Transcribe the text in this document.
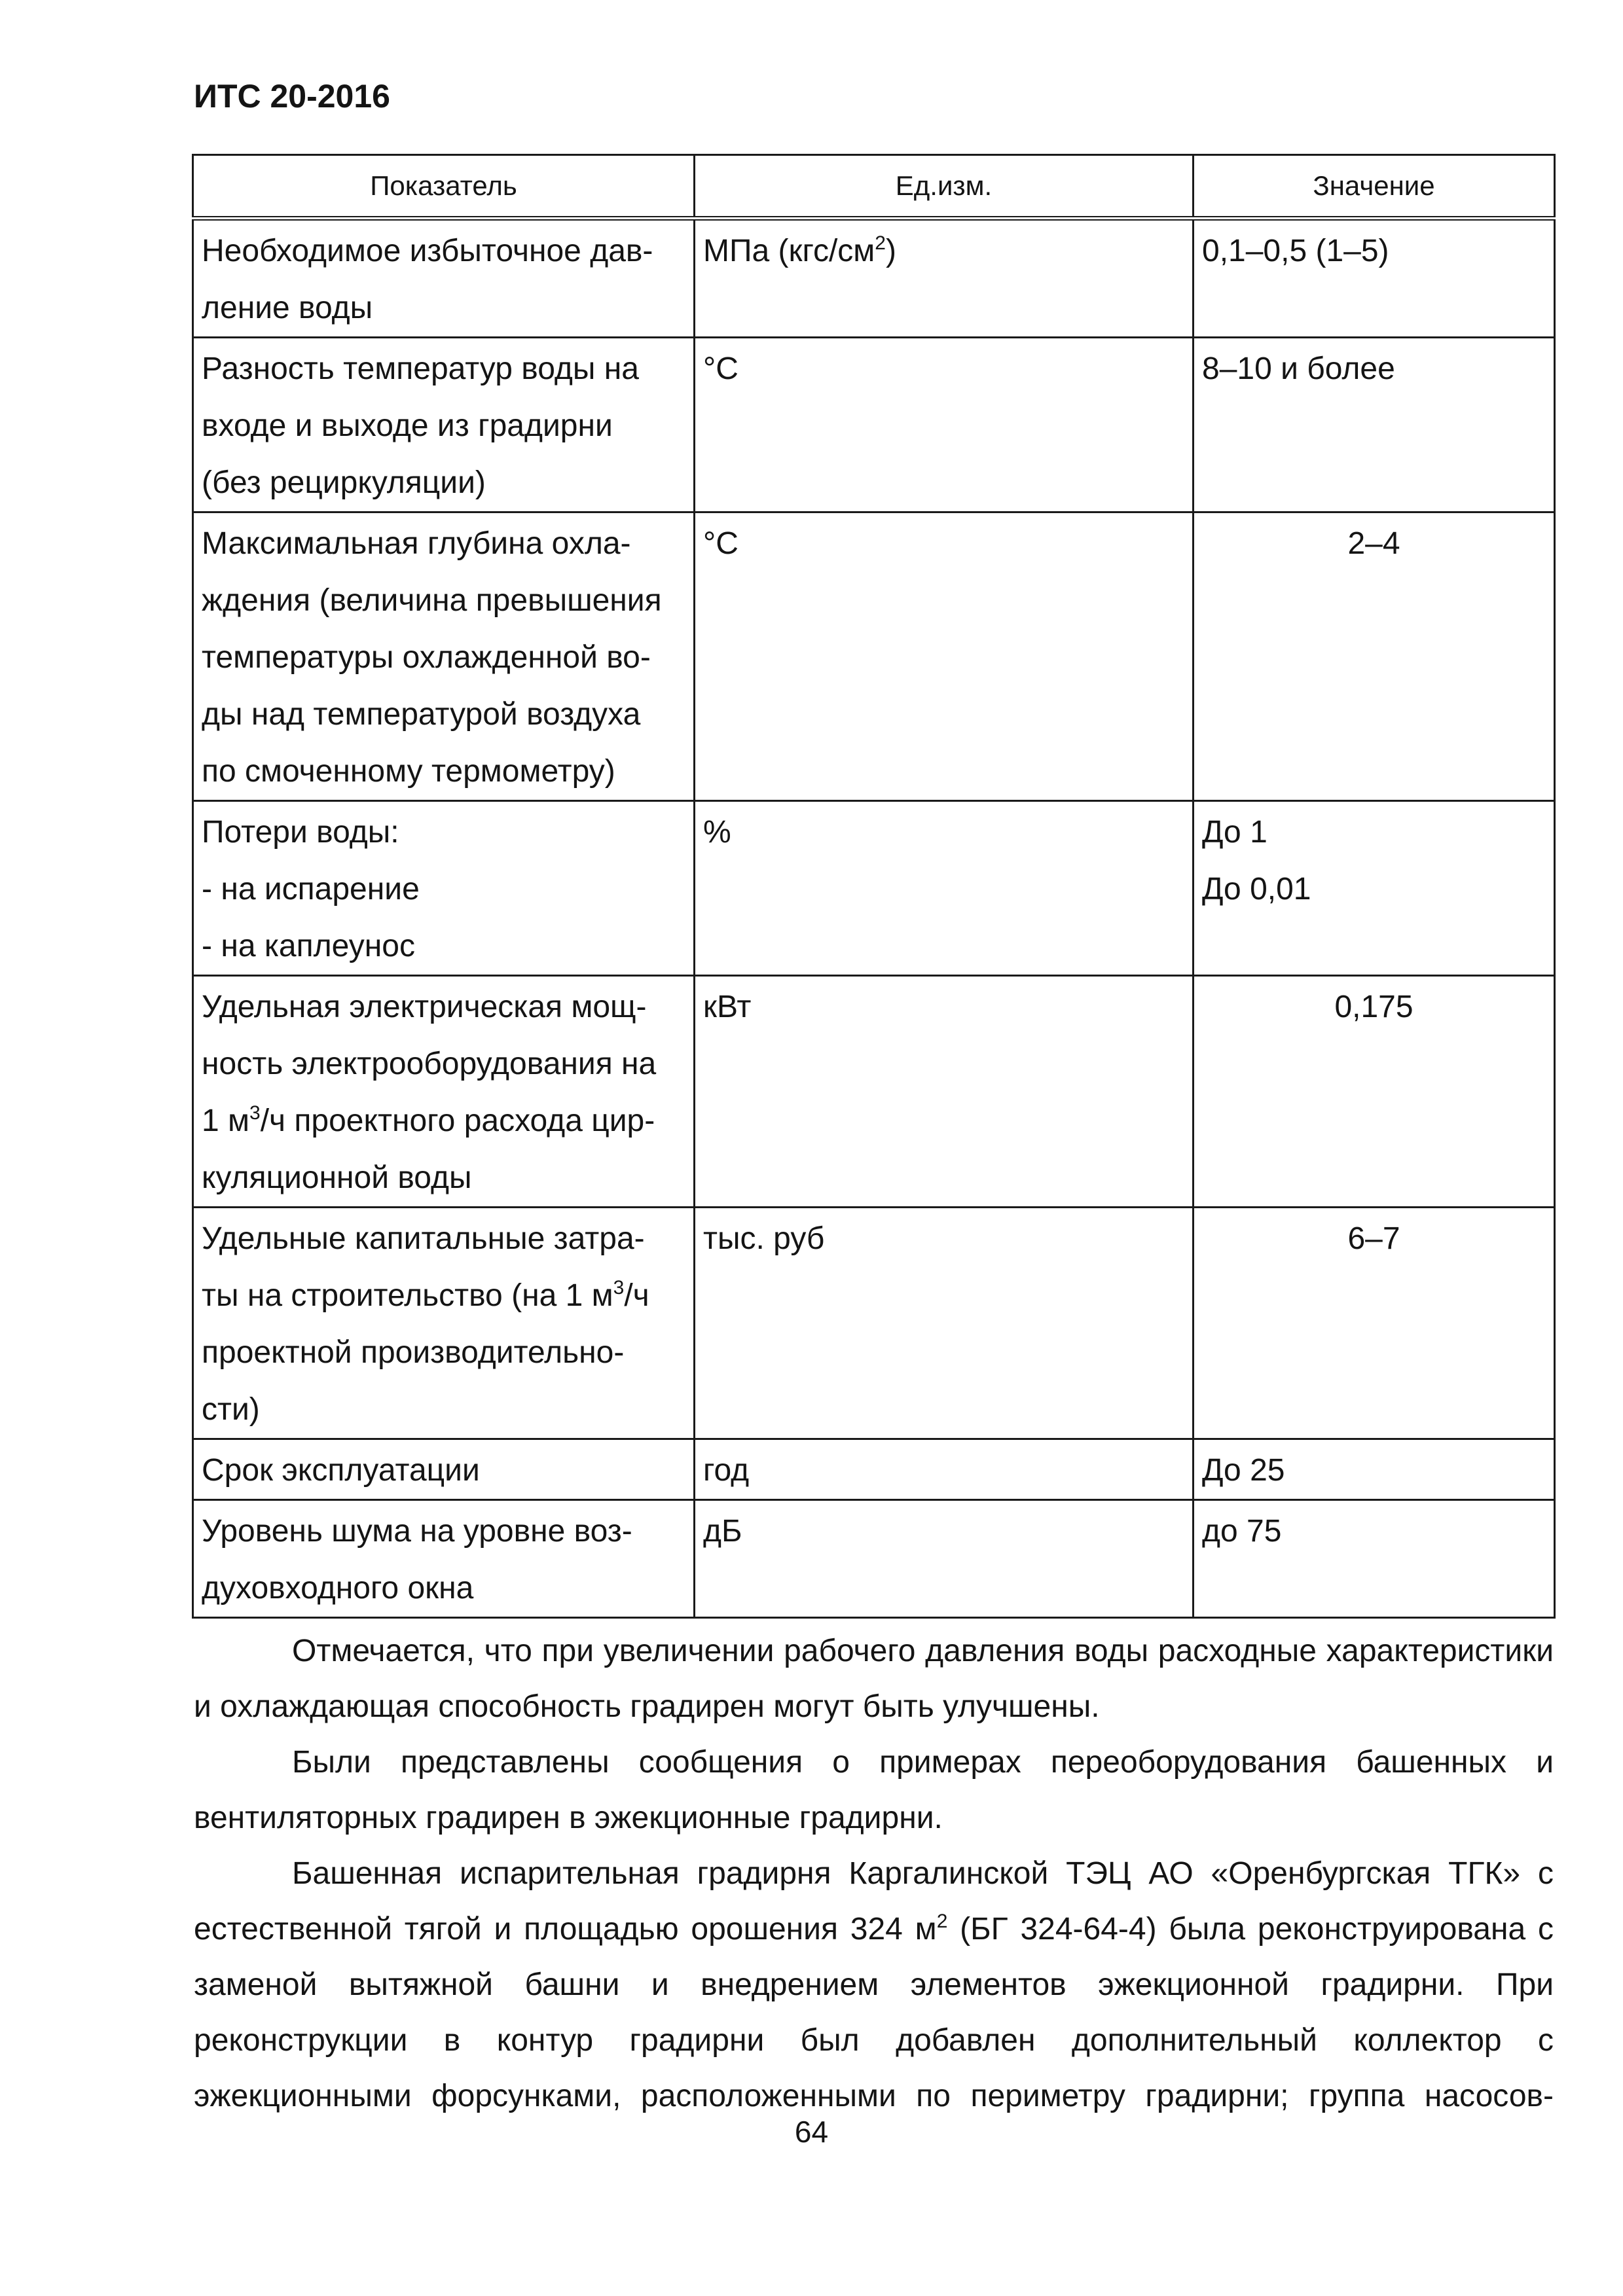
ИТС 20-2016
Показатель	Ед.изм.	Значение

Необходимое избыточное дав-
ление воды	МПа $(кгс/см^2)$	0,1–0,5 (1–5)

Разность температур воды на
входе и выходе из градирни
(без рециркуляции)	°С	8–10 и более

Максимальная глубина охла-
ждения (величина превышения
температуры охлажденной во-
ды над температурой воздуха
по смоченному термометру)	°С	2–4

Потери воды:
- на испарение
- на каплеунос	%	До 1
До 0,01

Удельная электрическая мощ-
ность электрооборудования на
1 $м^3/ч$ проектного расхода цир-
куляционной воды	кВт	0,175

Удельные капитальные затра-
ты на строительство (на 1 $м^3/ч$
проектной производительно-
сти)	тыс. руб	6–7

Срок эксплуатации	год	До 25

Уровень шума на уровне воз-
духовходного окна	дБ	до 75

Отмечается, что при увеличении рабочего давления воды расходные характеристики и охлаждающая способность градирен могут быть улучшены.

Были представлены сообщения о примерах переоборудования башенных и вентиляторных градирен в эжекционные градирни.

Башенная испарительная градирня Каргалинской ТЭЦ АО «Оренбургская ТГК» с естественной тягой и площадью орошения 324 $м^2$ (БГ 324-64-4) была реконструирована с заменой вытяжной башни и внедрением элементов эжекционной градирни. При реконструкции в контур градирни был добавлен дополнительный коллектор с эжекционными форсунками, расположенными по периметру градирни; группа насосов-

64
